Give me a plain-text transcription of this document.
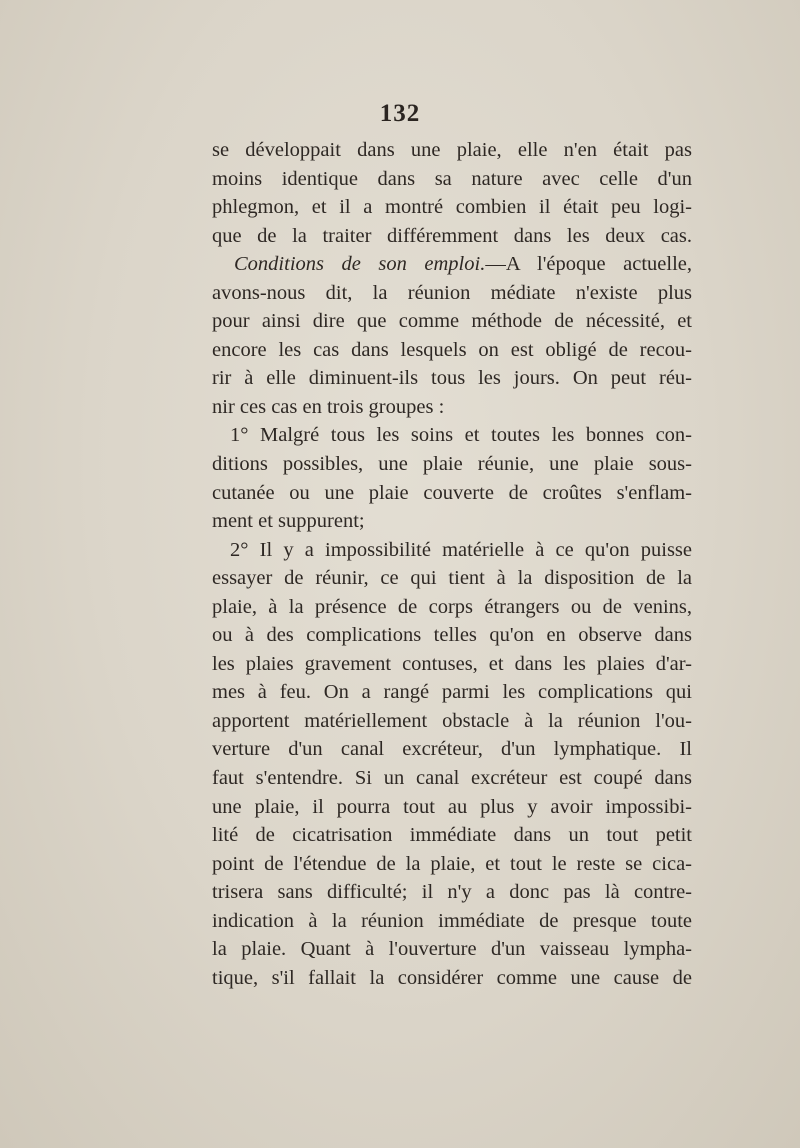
132
se développait dans une plaie, elle n'en était pas
moins identique dans sa nature avec celle d'un
phlegmon, et il a montré combien il était peu logi-
que de la traiter différemment dans les deux cas.
Conditions de son emploi.—A l'époque actuelle,
avons-nous dit, la réunion médiate n'existe plus
pour ainsi dire que comme méthode de nécessité, et
encore les cas dans lesquels on est obligé de recou-
rir à elle diminuent-ils tous les jours. On peut réu-
nir ces cas en trois groupes :
1° Malgré tous les soins et toutes les bonnes con-
ditions possibles, une plaie réunie, une plaie sous-
cutanée ou une plaie couverte de croûtes s'enflam-
ment et suppurent;
2° Il y a impossibilité matérielle à ce qu'on puisse
essayer de réunir, ce qui tient à la disposition de la
plaie, à la présence de corps étrangers ou de venins,
ou à des complications telles qu'on en observe dans
les plaies gravement contuses, et dans les plaies d'ar-
mes à feu. On a rangé parmi les complications qui
apportent matériellement obstacle à la réunion l'ou-
verture d'un canal excréteur, d'un lymphatique. Il
faut s'entendre. Si un canal excréteur est coupé dans
une plaie, il pourra tout au plus y avoir impossibi-
lité de cicatrisation immédiate dans un tout petit
point de l'étendue de la plaie, et tout le reste se cica-
trisera sans difficulté; il n'y a donc pas là contre-
indication à la réunion immédiate de presque toute
la plaie. Quant à l'ouverture d'un vaisseau lympha-
tique, s'il fallait la considérer comme une cause de
